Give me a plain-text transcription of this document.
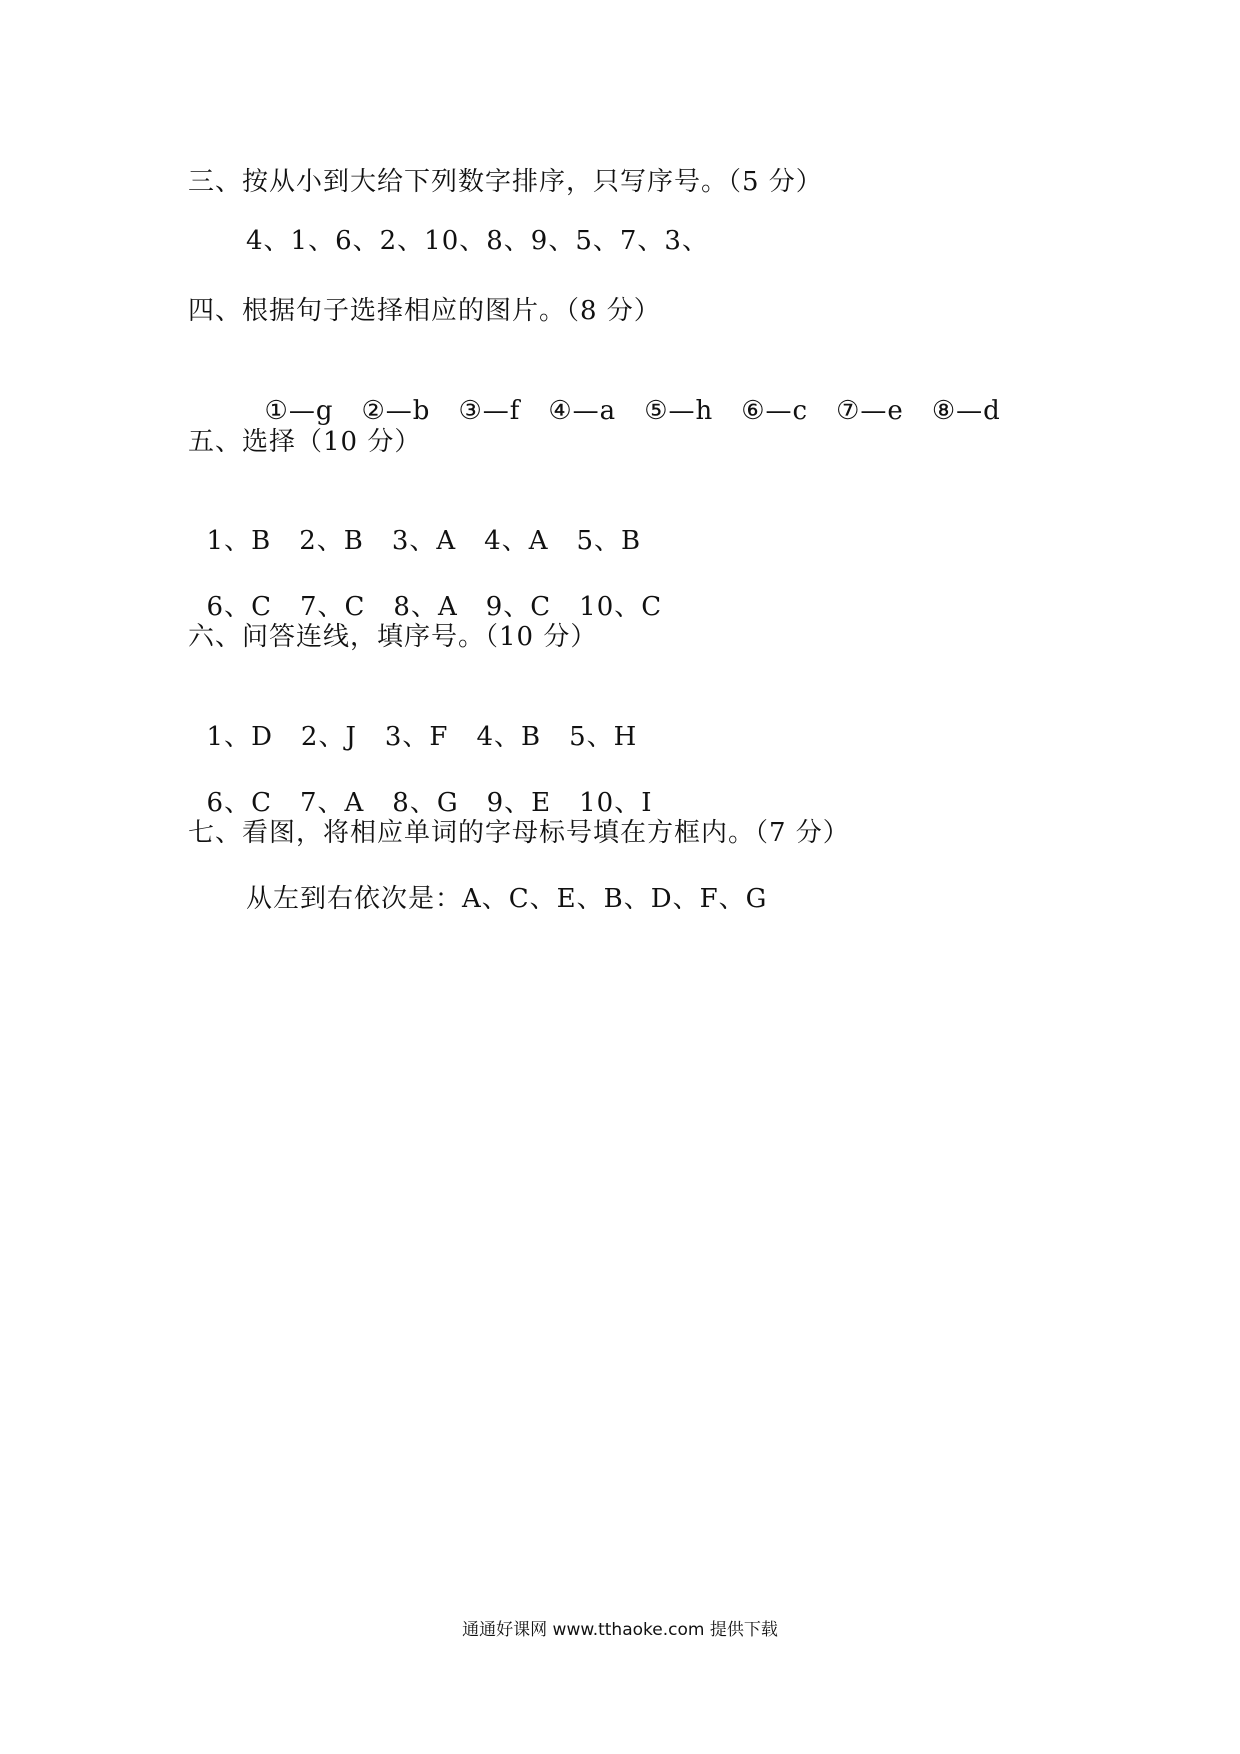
三、按从小到大给下列数字排序，只写序号。（5 分）
4、1、6、2、10、8、9、5、7、3、
四、根据句子选择相应的图片。（8 分）

①—g ②—b ③—f ④—a ⑤—h ⑥—c ⑦—e ⑧—d

五、选择（10 分）

1、B 2、B 3、A 4、A 5、B

6、C 7、C 8、A 9、C 10、C

六、问答连线，填序号。（10 分）

1、D 2、J 3、F 4、B 5、H

6、C 7、A 8、G 9、E 10、I

七、看图，将相应单词的字母标号填在方框内。（7 分）
从左到右依次是：A、C、E、B、D、F、G
通通好课网 www.tthaoke.com 提供下载
